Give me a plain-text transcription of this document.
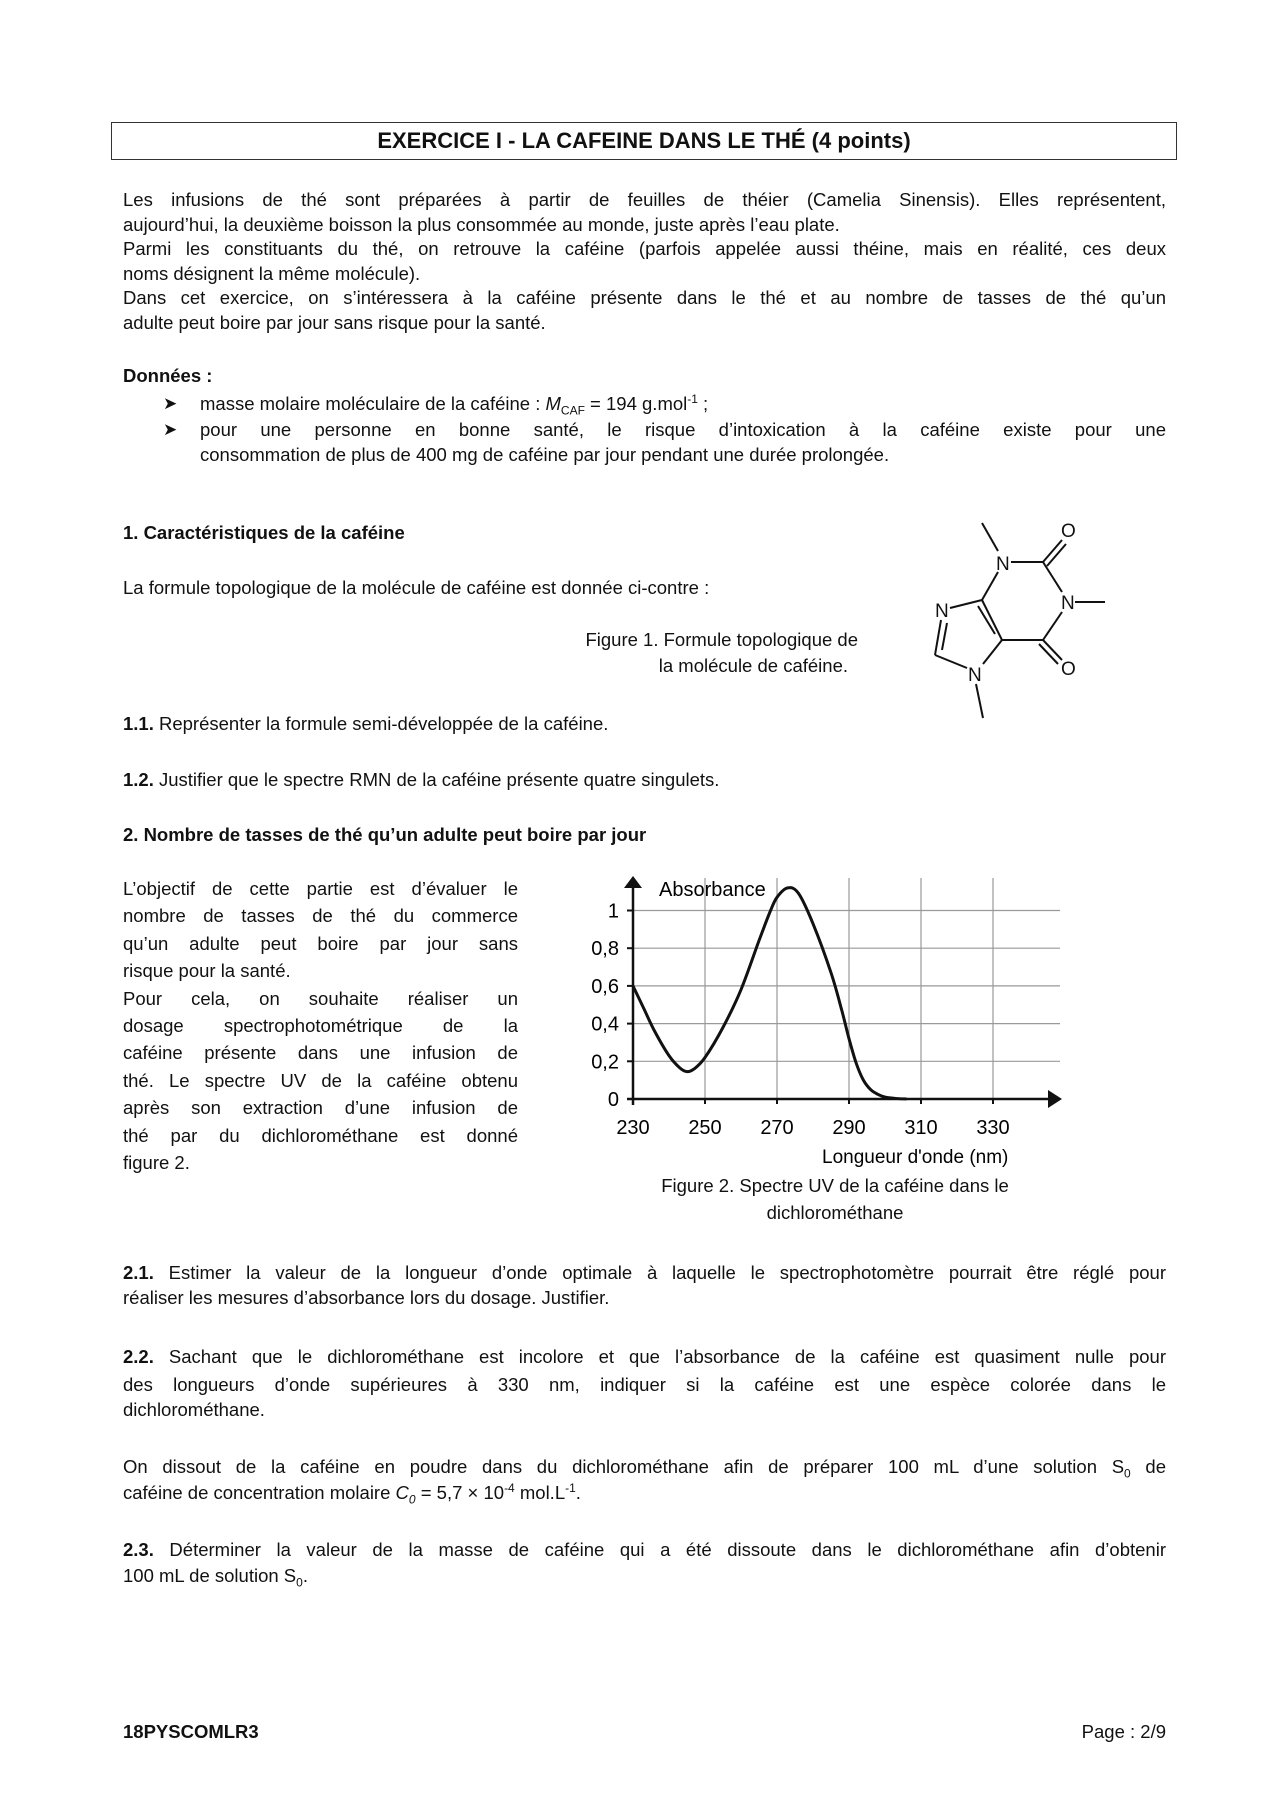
EXERCICE I - LA CAFEINE DANS LE THÉ (4 points)
Les infusions de thé sont préparées à partir de feuilles de théier (Camelia Sinensis). Elles représentent,
aujourd’hui, la deuxième boisson la plus consommée au monde, juste après l’eau plate.
Parmi les constituants du thé, on retrouve la caféine (parfois appelée aussi théine, mais en réalité, ces deux
noms désignent la même molécule).
Dans cet exercice, on s’intéressera à la caféine présente dans le thé et au nombre de tasses de thé qu’un
adulte peut boire par jour sans risque pour la santé.
Données :
➤	masse molaire moléculaire de la caféine : $M_{CAF} = 194$ g.mol$^{-1}$ ;
➤	pour une personne en bonne santé, le risque d’intoxication à la caféine existe pour une
consommation de plus de 400 mg de caféine par jour pendant une durée prolongée.
1. Caractéristiques de la caféine
La formule topologique de la molécule de caféine est donnée ci-contre :
Figure 1. Formule topologique de
la molécule de caféine.
N
O
N
O
N
N
1.1. Représenter la formule semi-développée de la caféine.
1.2. Justifier que le spectre RMN de la caféine présente quatre singulets.
2. Nombre de tasses de thé qu’un adulte peut boire par jour
L’objectif de cette partie est d’évaluer le
nombre de tasses de thé du commerce
qu’un adulte peut boire par jour sans
risque pour la santé.
Pour cela, on souhaite réaliser un
dosage spectrophotométrique de la
caféine présente dans une infusion de
thé. Le spectre UV de la caféine obtenu
après son extraction d’une infusion de
thé par du dichlorométhane est donné
figure 2.
230 250 270 290 310 330
0
0,2
0,4
0,6
0,8
1
Absorbance
Longueur d'onde (nm)
Figure 2. Spectre UV de la caféine dans le
dichlorométhane
2.1. Estimer la valeur de la longueur d’onde optimale à laquelle le spectrophotomètre pourrait être réglé pour
réaliser les mesures d’absorbance lors du dosage. Justifier.
2.2. Sachant que le dichlorométhane est incolore et que l’absorbance de la caféine est quasiment nulle pour
des longueurs d’onde supérieures à 330 nm, indiquer si la caféine est une espèce colorée dans le
dichlorométhane.
On dissout de la caféine en poudre dans du dichlorométhane afin de préparer 100 mL d’une solution $S_0$ de
caféine de concentration molaire $C_0 = 5,7 \times 10^{-4}$ $mol.L^{-1}$.
2.3. Déterminer la valeur de la masse de caféine qui a été dissoute dans le dichlorométhane afin d’obtenir
100 mL de solution $S_0$.
18PYSCOMLR3	Page : 2/9
